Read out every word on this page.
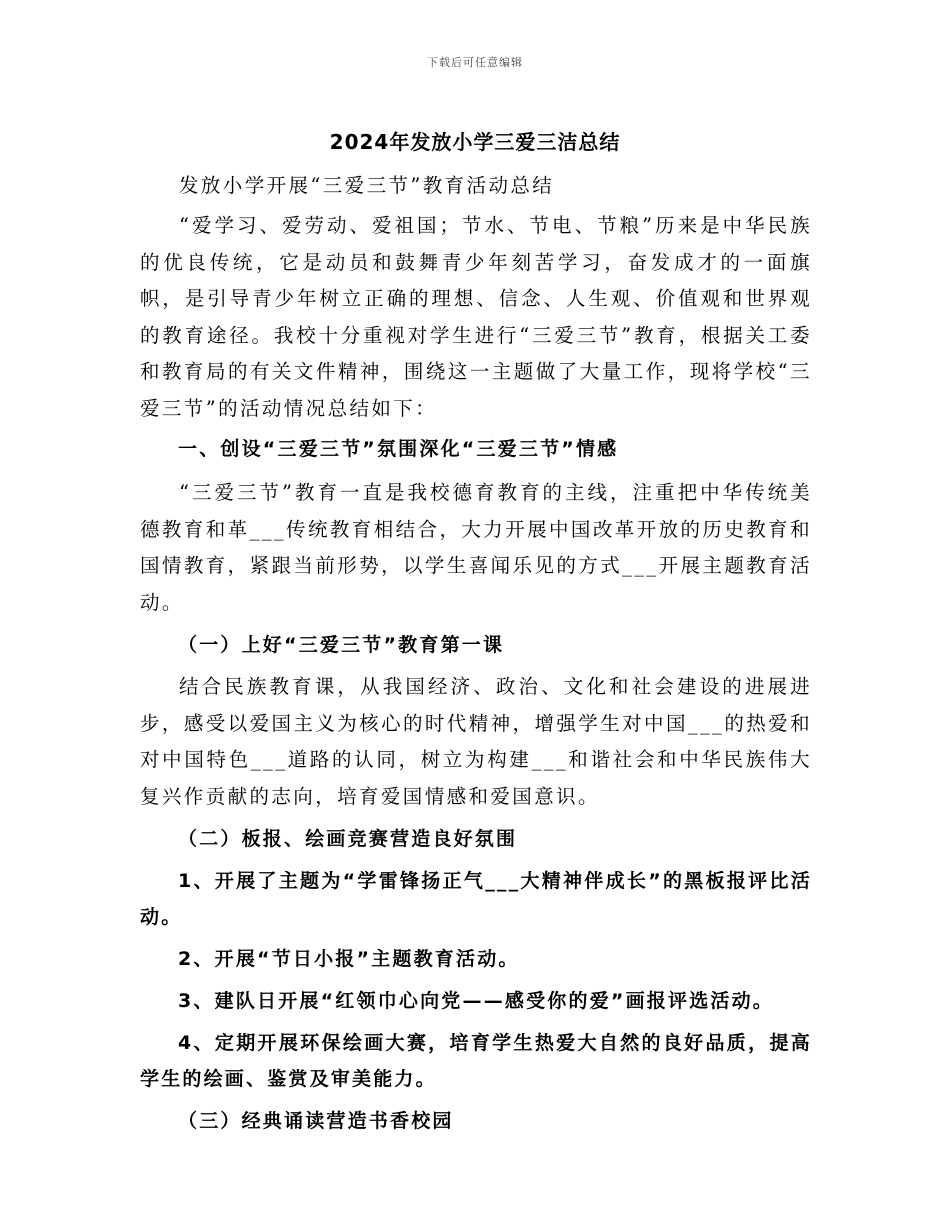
下载后可任意编辑
2024年发放小学三爱三洁总结

发放小学开展“三爱三节”教育活动总结

“爱学习、爱劳动、爱祖国；节水、节电、节粮”历来是中华民族的优良传统，它是动员和鼓舞青少年刻苦学习，奋发成才的一面旗帜，是引导青少年树立正确的理想、信念、人生观、价值观和世界观的教育途径。我校十分重视对学生进行“三爱三节”教育，根据关工委和教育局的有关文件精神，围绕这一主题做了大量工作，现将学校“三爱三节”的活动情况总结如下：

一、创设“三爱三节”氛围深化“三爱三节”情感

“三爱三节”教育一直是我校德育教育的主线，注重把中华传统美德教育和革___传统教育相结合，大力开展中国改革开放的历史教育和国情教育，紧跟当前形势，以学生喜闻乐见的方式___开展主题教育活动。

（一）上好“三爱三节”教育第一课

结合民族教育课，从我国经济、政治、文化和社会建设的进展进步，感受以爱国主义为核心的时代精神，增强学生对中国___的热爱和对中国特色___道路的认同，树立为构建___和谐社会和中华民族伟大复兴作贡献的志向，培育爱国情感和爱国意识。

（二）板报、绘画竞赛营造良好氛围

1、开展了主题为“学雷锋扬正气___大精神伴成长”的黑板报评比活动。

2、开展“节日小报”主题教育活动。

3、建队日开展“红领巾心向党——感受你的爱”画报评选活动。

4、定期开展环保绘画大赛，培育学生热爱大自然的良好品质，提高学生的绘画、鉴赏及审美能力。

（三）经典诵读营造书香校园
